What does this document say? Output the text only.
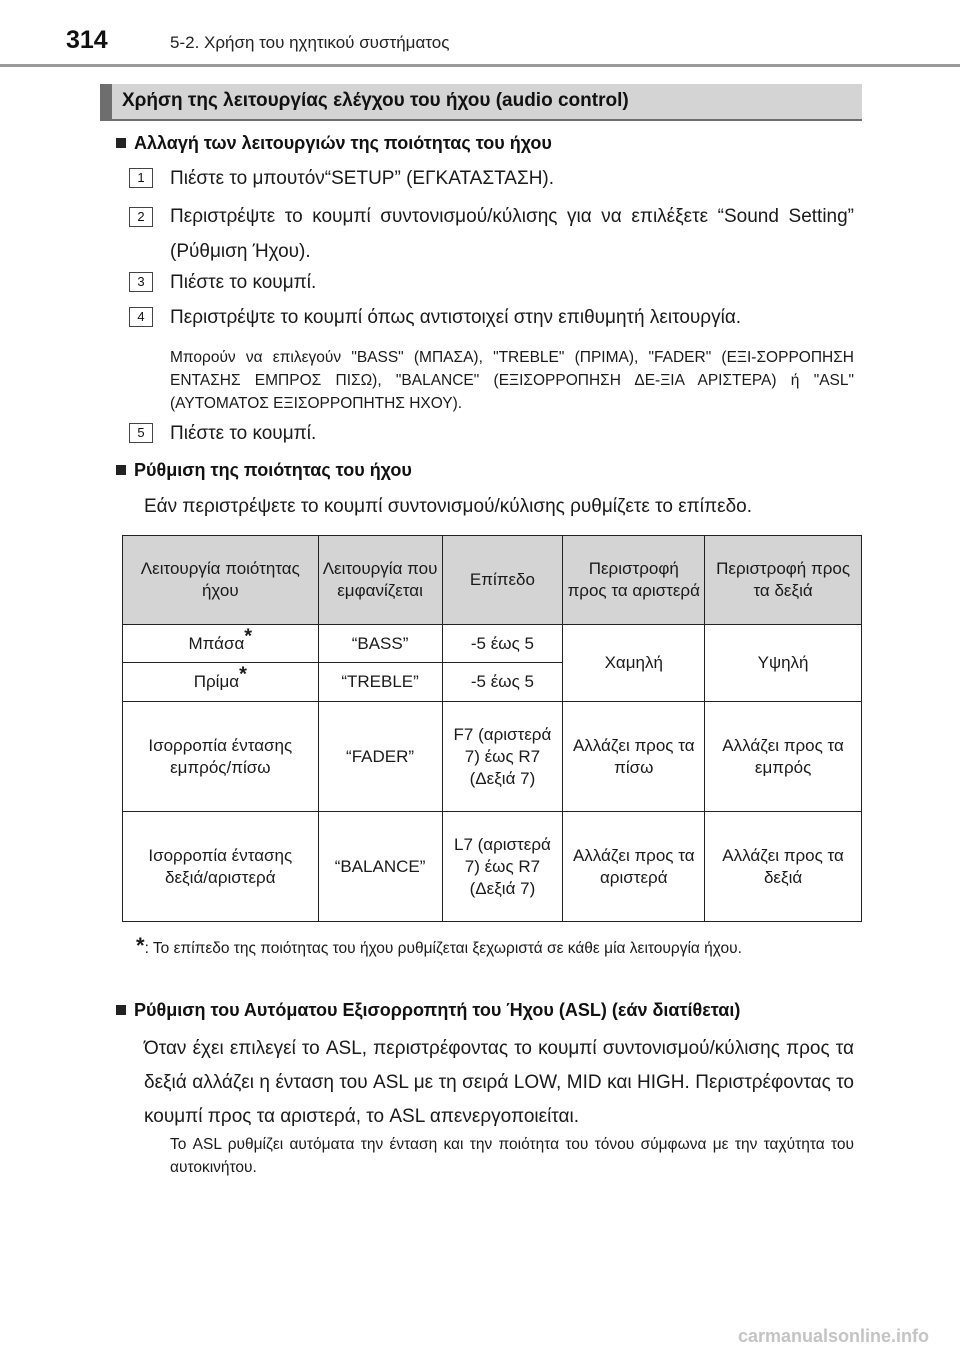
314	5-2. Χρήση του ηχητικού συστήματος
Χρήση της λειτουργίας ελέγχου του ήχου (audio control)
Αλλαγή των λειτουργιών της ποιότητας του ήχου
1	Πιέστε το μπουτόν“SETUP” (ΕΓΚΑΤΑΣΤΑΣΗ).
2	Περιστρέψτε το κουμπί συντονισμού/κύλισης για να επιλέξετε “Sound Setting” (Ρύθμιση Ήχου).
3	Πιέστε το κουμπί.
4	Περιστρέψτε το κουμπί όπως αντιστοιχεί στην επιθυμητή λειτουργία.
Μπορούν να επιλεγούν "BASS" (ΜΠΑΣΑ), "TREBLE" (ΠΡΙΜΑ), "FADER" (ΕΞΙ-ΣΟΡΡΟΠΗΣΗ ΕΝΤΑΣΗΣ ΕΜΠΡΟΣ ΠΙΣΩ), "BALANCE" (ΕΞΙΣΟΡΡΟΠΗΣΗ ΔΕ-ΞΙΑ ΑΡΙΣΤΕΡΑ) ή "ASL" (ΑΥΤΟΜΑΤΟΣ ΕΞΙΣΟΡΡΟΠΗΤΗΣ ΗΧΟΥ).
5	Πιέστε το κουμπί.
Ρύθμιση της ποιότητας του ήχου
Εάν περιστρέψετε το κουμπί συντονισμού/κύλισης ρυθμίζετε το επίπεδο.
Λειτουργία ποιότητας ήχου	Λειτουργία που εμφανίζεται	Επίπεδο	Περιστροφή προς τα αριστερά	Περιστροφή προς τα δεξιά
Μπάσα*	“BASS”	-5 έως 5	Χαμηλή	Υψηλή
Πρίμα*	“TREBLE”	-5 έως 5		
Ισορροπία έντασης εμπρός/πίσω	“FADER”	F7 (αριστερά 7) έως R7 (Δεξιά 7)	Αλλάζει προς τα πίσω	Αλλάζει προς τα εμπρός
Ισορροπία έντασης δεξιά/αριστερά	“BALANCE”	L7 (αριστερά 7) έως R7 (Δεξιά 7)	Αλλάζει προς τα αριστερά	Αλλάζει προς τα δεξιά
*: Το επίπεδο της ποιότητας του ήχου ρυθμίζεται ξεχωριστά σε κάθε μία λειτουργία ήχου.
Ρύθμιση του Αυτόματου Εξισορροπητή του Ήχου (ASL) (εάν διατίθεται)
Όταν έχει επιλεγεί το ASL, περιστρέφοντας το κουμπί συντονισμού/κύλισης προς τα δεξιά αλλάζει η ένταση του ASL με τη σειρά LOW, MID και HIGH. Περιστρέφοντας το κουμπί προς τα αριστερά, το ASL απενεργοποιείται.
Το ASL ρυθμίζει αυτόματα την ένταση και την ποιότητα του τόνου σύμφωνα με την ταχύτητα του αυτοκινήτου.
carmanualsonline.info
